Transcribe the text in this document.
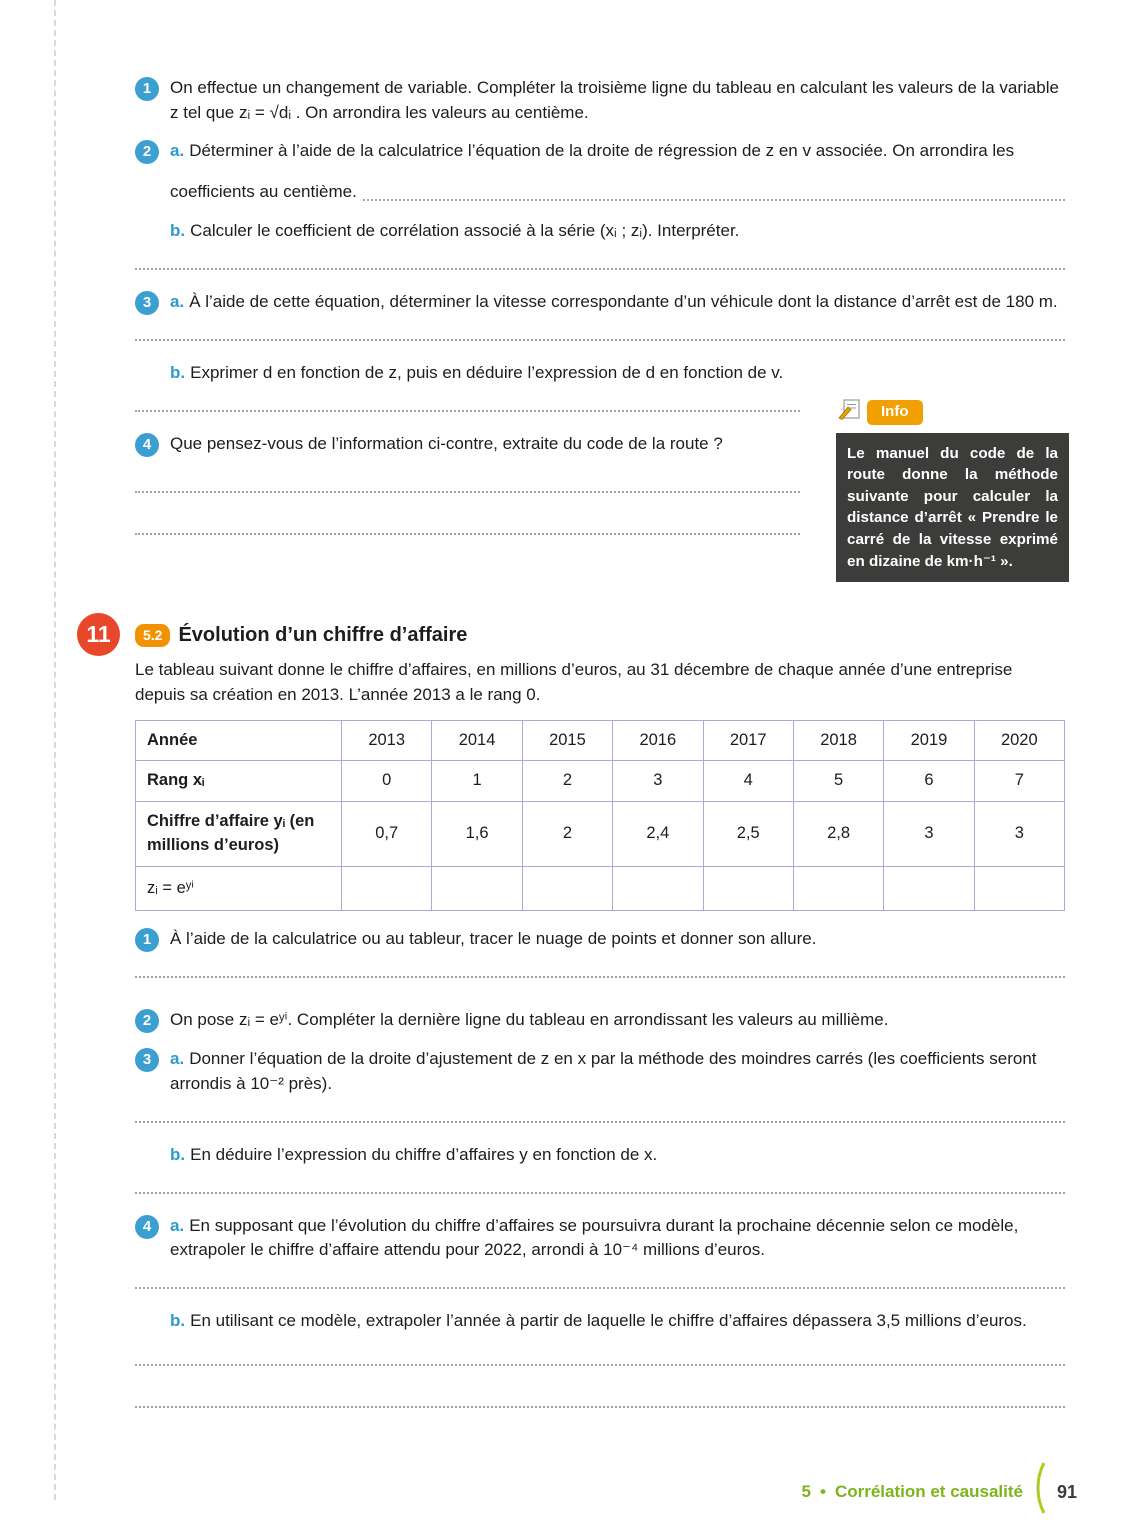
1	On effectue un changement de variable. Compléter la troisième ligne du tableau en calculant les valeurs de la variable z tel que zᵢ = √dᵢ . On arrondira les valeurs au centième.

2	a. Déterminer à l’aide de la calculatrice l’équation de la droite de régression de z en v associée. On arrondira les

coefficients au centième.

b. Calculer le coefficient de corrélation associé à la série (xᵢ ; zᵢ). Interpréter.

3	a. À l’aide de cette équation, déterminer la vitesse correspondante d’un véhicule dont la distance d’arrêt est de 180 m.

b. Exprimer d en fonction de z, puis en déduire l’expression de d en fonction de v.

4	Que pensez-vous de l’information ci-contre, extraite du code de la route ?

11	5.2 Évolution d’un chiffre d’affaire

Le tableau suivant donne le chiffre d’affaires, en millions d’euros, au 31 décembre de chaque année d’une entreprise depuis sa création en 2013. L’année 2013 a le rang 0.

Année	2013	2014	2015	2016	2017	2018	2019	2020
Rang xᵢ	0	1	2	3	4	5	6	7
Chiffre d’affaire yᵢ (en millions d’euros)	0,7	1,6	2	2,4	2,5	2,8	3	3
zᵢ = eʸⁱ								
1	À l’aide de la calculatrice ou au tableur, tracer le nuage de points et donner son allure.

2	On pose zᵢ = eʸⁱ. Compléter la dernière ligne du tableau en arrondissant les valeurs au millième.

3	a. Donner l’équation de la droite d’ajustement de z en x par la méthode des moindres carrés (les coefficients seront arrondis à 10⁻² près).

b. En déduire l’expression du chiffre d’affaires y en fonction de x.

4	a. En supposant que l’évolution du chiffre d’affaires se poursuivra durant la prochaine décennie selon ce modèle, extrapoler le chiffre d’affaire attendu pour 2022, arrondi à 10⁻⁴ millions d’euros.

b. En utilisant ce modèle, extrapoler l’année à partir de laquelle le chiffre d’affaires dépassera 3,5 millions d’euros.

Info
Le manuel du code de la route donne la méthode suivante pour calculer la distance d’arrêt « Prendre le carré de la vitesse exprimé en dizaine de km·h⁻¹ ».
5 • Corrélation et causalité 91
